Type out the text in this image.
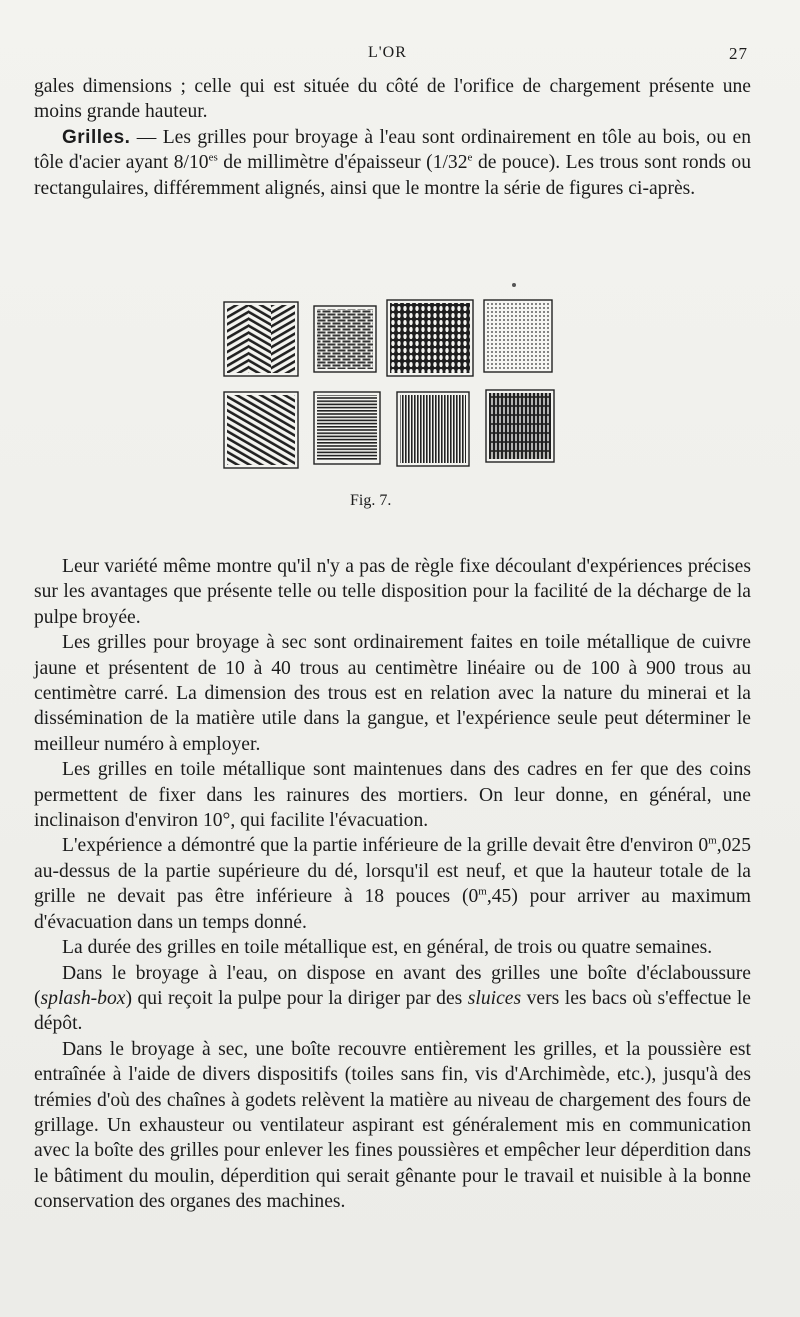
L'OR	27

gales dimensions ; celle qui est située du côté de l'orifice de chargement présente une moins grande hauteur.

Grilles. — Les grilles pour broyage à l'eau sont ordinairement en tôle au bois, ou en tôle d'acier ayant $8/10^{es}$ de millimètre d'épaisseur (1/32e de pouce). Les trous sont ronds ou rectangulaires, différemment alignés, ainsi que le montre la série de figures ci-après.

Fig. 7.

Leur variété même montre qu'il n'y a pas de règle fixe découlant d'expériences précises sur les avantages que présente telle ou telle disposition pour la facilité de la décharge de la pulpe broyée.

Les grilles pour broyage à sec sont ordinairement faites en toile métallique de cuivre jaune et présentent de 10 à 40 trous au centimètre linéaire ou de 100 à 900 trous au centimètre carré. La dimension des trous est en relation avec la nature du minerai et la dissémination de la matière utile dans la gangue, et l'expérience seule peut déterminer le meilleur numéro à employer.

Les grilles en toile métallique sont maintenues dans des cadres en fer que des coins permettent de fixer dans les rainures des mortiers. On leur donne, en général, une inclinaison d'environ 10°, qui facilite l'évacuation.

L'expérience a démontré que la partie inférieure de la grille devait être d'environ 0$^m$,025 au-dessus de la partie supérieure du dé, lorsqu'il est neuf, et que la hauteur totale de la grille ne devait pas être inférieure à 18 pouces (0$^m$,45) pour arriver au maximum d'évacuation dans un temps donné.

La durée des grilles en toile métallique est, en général, de trois ou quatre semaines.

Dans le broyage à l'eau, on dispose en avant des grilles une boîte d'éclaboussure (splash-box) qui reçoit la pulpe pour la diriger par des sluices vers les bacs où s'effectue le dépôt.

Dans le broyage à sec, une boîte recouvre entièrement les grilles, et la poussière est entraînée à l'aide de divers dispositifs (toiles sans fin, vis d'Archimède, etc.), jusqu'à des trémies d'où des chaînes à godets relèvent la matière au niveau de chargement des fours de grillage. Un exhausteur ou ventilateur aspirant est généralement mis en communication avec la boîte des grilles pour enlever les fines poussières et empêcher leur déperdition dans le bâtiment du moulin, déperdition qui serait gênante pour le travail et nuisible à la bonne conservation des organes des machines.
